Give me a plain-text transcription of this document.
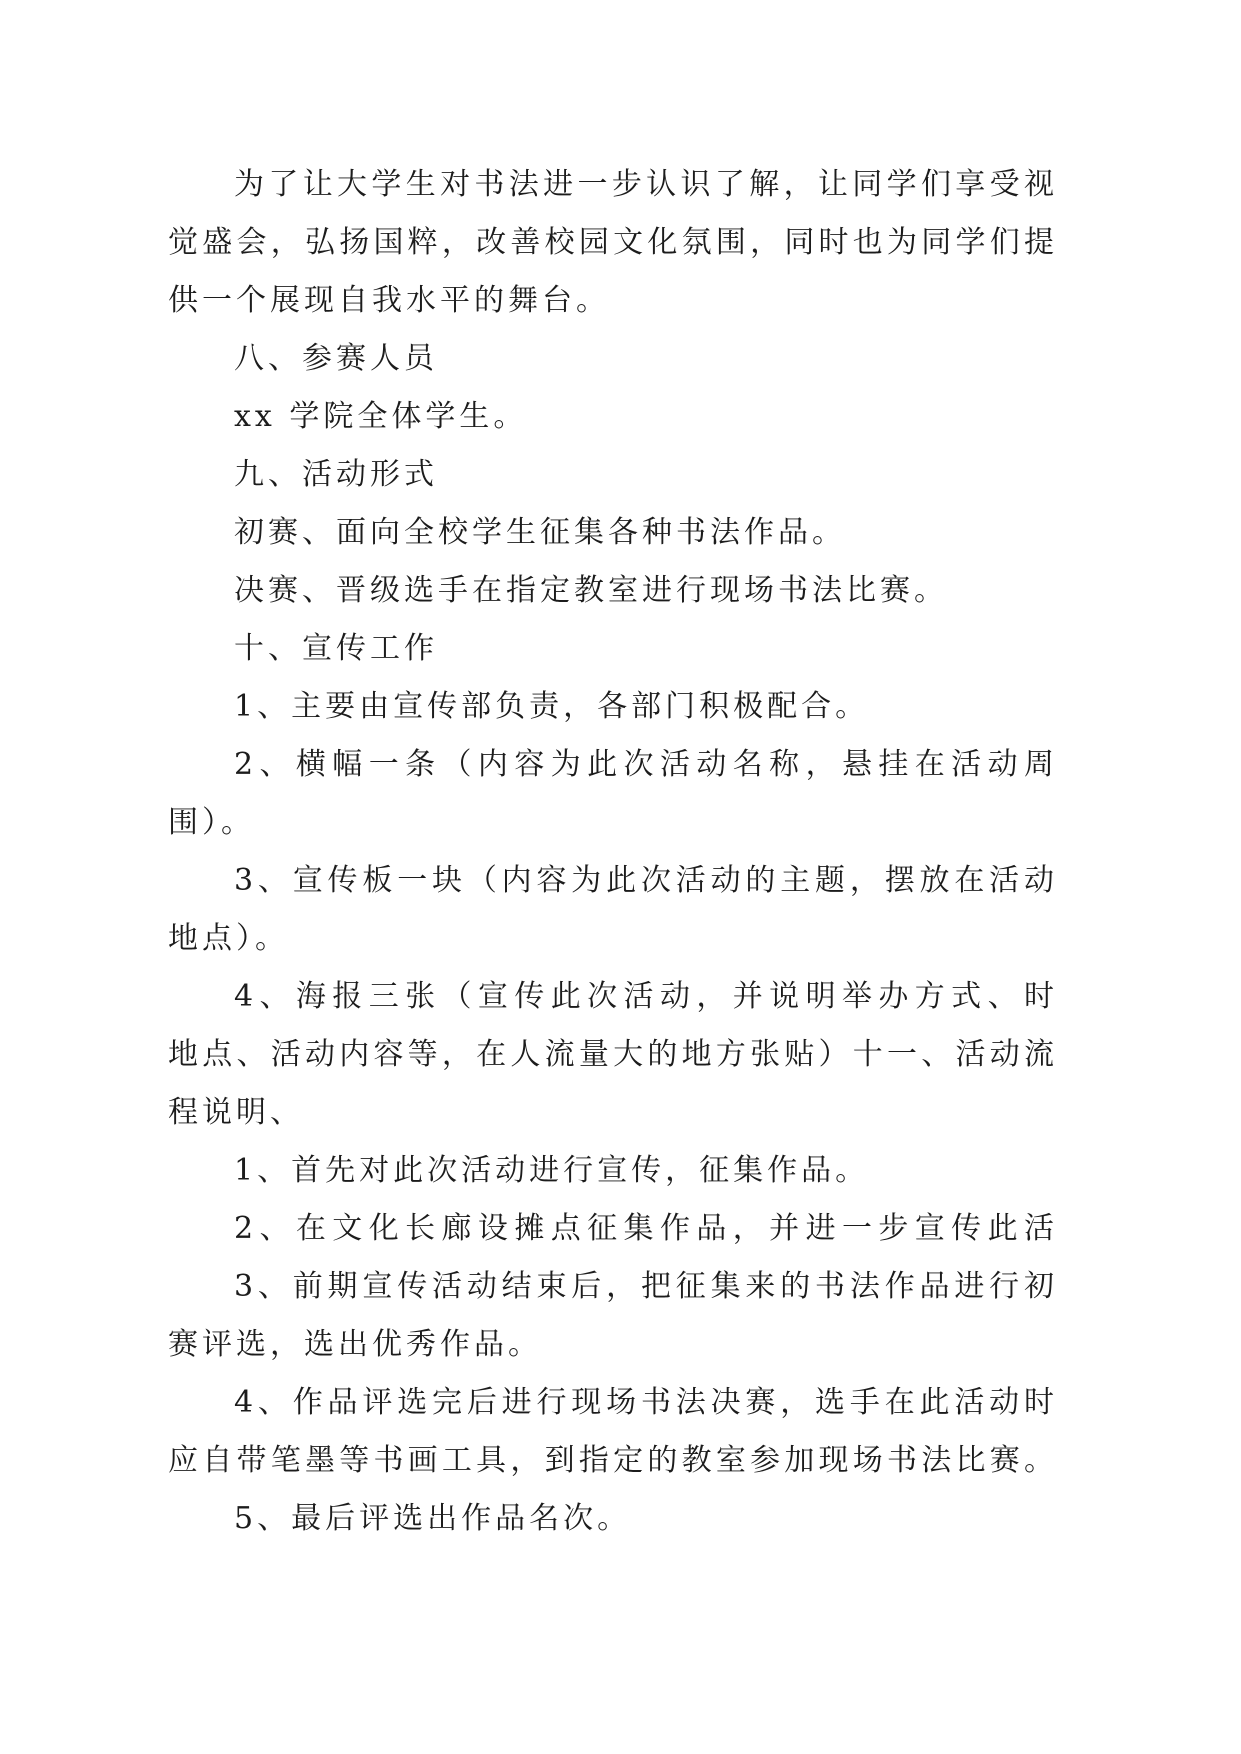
为了让大学生对书法进一步认识了解，让同学们享受视
觉盛会，弘扬国粹，改善校园文化氛围，同时也为同学们提
供一个展现自我水平的舞台。
八、参赛人员
xx 学院全体学生。
九、活动形式
初赛、面向全校学生征集各种书法作品。
决赛、晋级选手在指定教室进行现场书法比赛。
十、宣传工作
1、主要由宣传部负责，各部门积极配合。
2、横幅一条（内容为此次活动名称，悬挂在活动周
围）。
3、宣传板一块（内容为此次活动的主题，摆放在活动
地点）。
4、海报三张（宣传此次活动，并说明举办方式、时
地点、活动内容等，在人流量大的地方张贴）十一、活动流
程说明、
1、首先对此次活动进行宣传，征集作品。
2、在文化长廊设摊点征集作品，并进一步宣传此活
3、前期宣传活动结束后，把征集来的书法作品进行初
赛评选，选出优秀作品。
4、作品评选完后进行现场书法决赛，选手在此活动时
应自带笔墨等书画工具，到指定的教室参加现场书法比赛。
5、最后评选出作品名次。
